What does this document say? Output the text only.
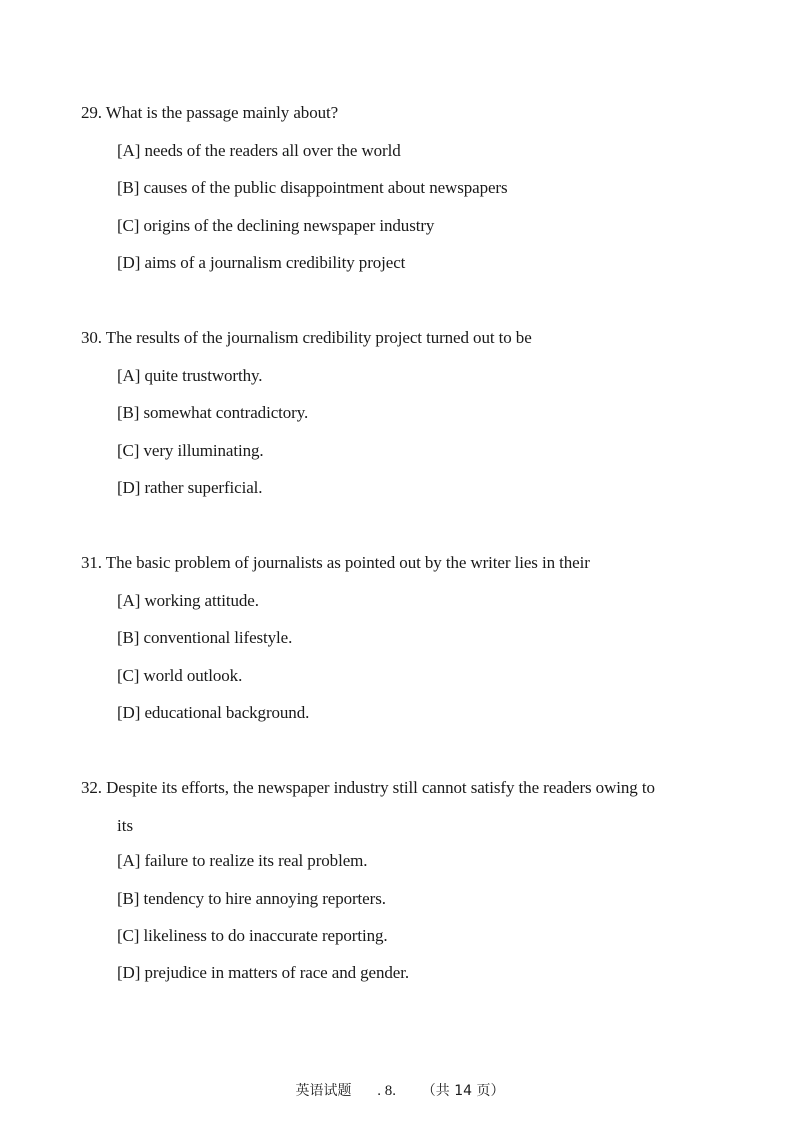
29. What is the passage mainly about?
[A] needs of the readers all over the world
[B] causes of the public disappointment about newspapers
[C] origins of the declining newspaper industry
[D] aims of a journalism credibility project
30. The results of the journalism credibility project turned out to be
[A] quite trustworthy.
[B] somewhat contradictory.
[C] very illuminating.
[D] rather superficial.
31. The basic problem of journalists as pointed out by the writer lies in their
[A] working attitude.
[B] conventional lifestyle.
[C] world outlook.
[D] educational background.
32. Despite its efforts, the newspaper industry still cannot satisfy the readers owing to
its
[A] failure to realize its real problem.
[B] tendency to hire annoying reporters.
[C] likeliness to do inaccurate reporting.
[D] prejudice in matters of race and gender.
英语试题 . 8. （共 14 页）
